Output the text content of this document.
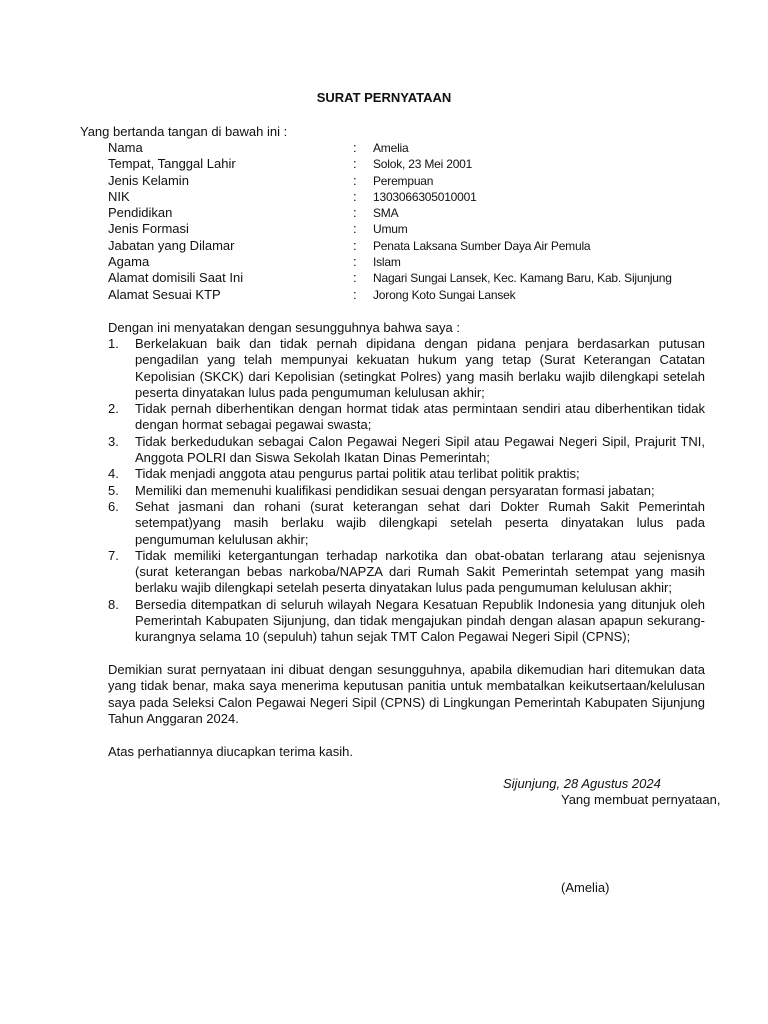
SURAT PERNYATAAN
Yang bertanda tangan di bawah ini :
Nama	: Amelia
Tempat, Tanggal Lahir	: Solok, 23 Mei 2001
Jenis Kelamin	: Perempuan
NIK	: 1303066305010001
Pendidikan	: SMA
Jenis Formasi	: Umum
Jabatan yang Dilamar	: Penata Laksana Sumber Daya Air Pemula
Agama	: Islam
Alamat domisili Saat Ini	: Nagari Sungai Lansek, Kec. Kamang Baru, Kab. Sijunjung
Alamat Sesuai KTP	: Jorong Koto Sungai Lansek
Dengan ini menyatakan dengan sesungguhnya bahwa saya :
1. Berkelakuan baik dan tidak pernah dipidana dengan pidana penjara berdasarkan putusan pengadilan yang telah mempunyai kekuatan hukum yang tetap (Surat Keterangan Catatan Kepolisian (SKCK) dari Kepolisian (setingkat Polres) yang masih berlaku wajib dilengkapi setelah peserta dinyatakan lulus pada pengumuman kelulusan akhir;
2. Tidak pernah diberhentikan dengan hormat tidak atas permintaan sendiri atau diberhentikan tidak dengan hormat sebagai pegawai swasta;
3. Tidak berkedudukan sebagai Calon Pegawai Negeri Sipil atau Pegawai Negeri Sipil, Prajurit TNI, Anggota POLRI dan Siswa Sekolah Ikatan Dinas Pemerintah;
4. Tidak menjadi anggota atau pengurus partai politik atau terlibat politik praktis;
5. Memiliki dan memenuhi kualifikasi pendidikan sesuai dengan persyaratan formasi jabatan;
6. Sehat jasmani dan rohani (surat keterangan sehat dari Dokter Rumah Sakit Pemerintah setempat)yang masih berlaku wajib dilengkapi setelah peserta dinyatakan lulus pada pengumuman kelulusan akhir;
7. Tidak memiliki ketergantungan terhadap narkotika dan obat-obatan terlarang atau sejenisnya (surat keterangan bebas narkoba/NAPZA dari Rumah Sakit Pemerintah setempat yang masih berlaku wajib dilengkapi setelah peserta dinyatakan lulus pada pengumuman kelulusan akhir;
8. Bersedia ditempatkan di seluruh wilayah Negara Kesatuan Republik Indonesia yang ditunjuk oleh Pemerintah Kabupaten Sijunjung, dan tidak mengajukan pindah dengan alasan apapun sekurang-kurangnya selama 10 (sepuluh) tahun sejak TMT Calon Pegawai Negeri Sipil (CPNS);
Demikian surat pernyataan ini dibuat dengan sesungguhnya, apabila dikemudian hari ditemukan data yang tidak benar, maka saya menerima keputusan panitia untuk membatalkan keikutsertaan/kelulusan saya pada Seleksi Calon Pegawai Negeri Sipil (CPNS) di Lingkungan Pemerintah Kabupaten Sijunjung Tahun Anggaran 2024.
Atas perhatiannya diucapkan terima kasih.
Sijunjung, 28 Agustus 2024
Yang membuat pernyataan,
(Amelia)
